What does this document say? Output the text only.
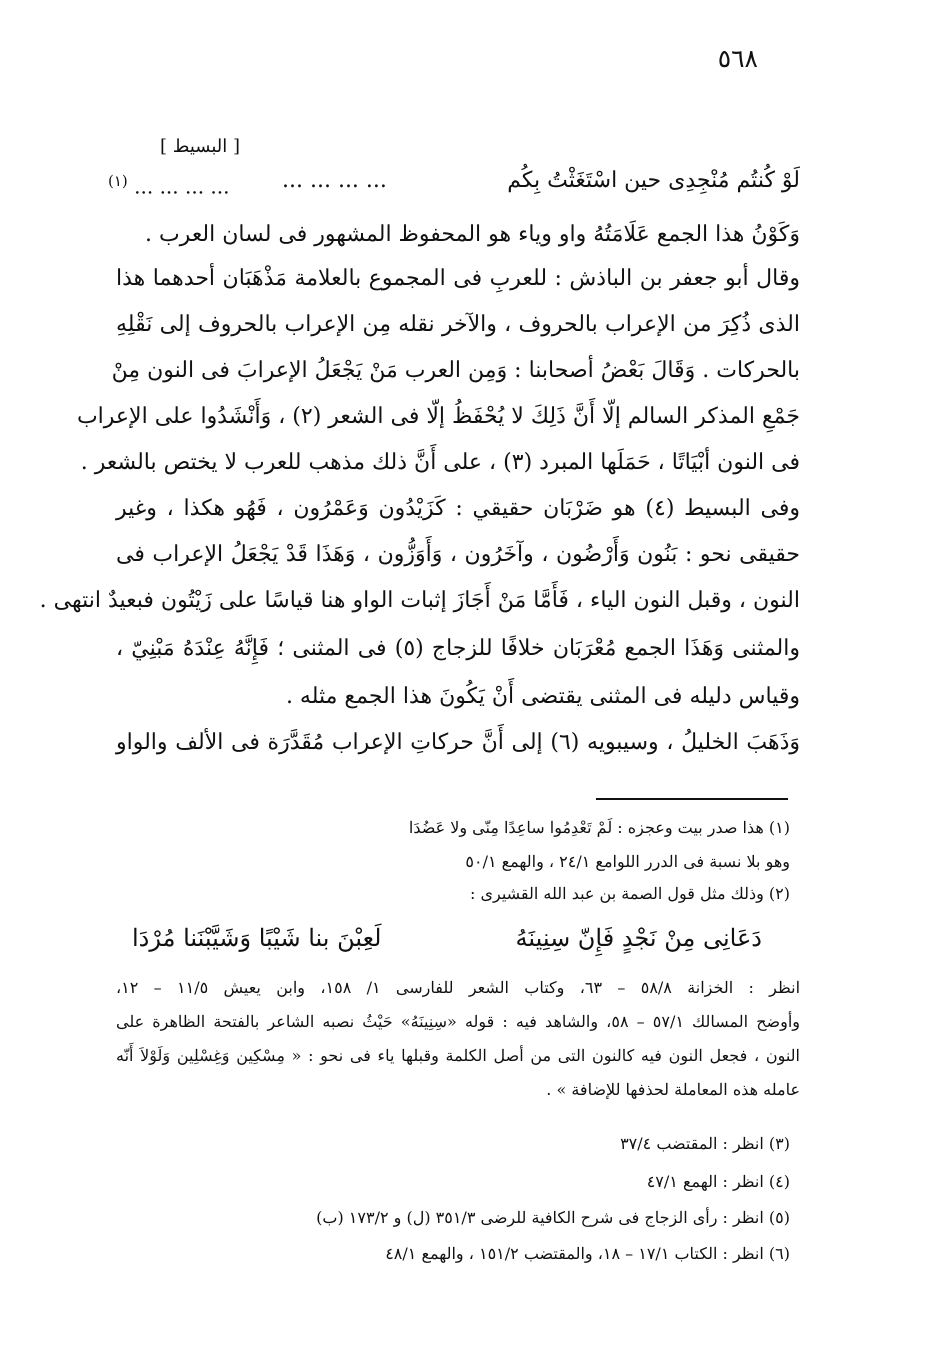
٥٦٨
[ البسيط ]
لَوْ كُنتُم مُنْجِدِى حين اسْتَغَثْتُ بِكُم
... ... ... ...
... ... ... ... $^{(١)}$
وَكَوْنُ هذا الجمع عَلَامَتُهُ واو وياء هو المحفوظ المشهور فى لسان العرب .
وقال أبو جعفر بن الباذش : للعربِ فى المجموع بالعلامة مَذْهَبَان أحدهما هذا
الذى ذُكِرَ من الإعراب بالحروف ، والآخر نقله مِن الإعراب بالحروف إلى نَقْلِهِ
بالحركات . وَقَالَ بَعْضُ أصحابنا : وَمِن العرب مَنْ يَجْعَلُ الإعرابَ فى النون مِنْ
جَمْعِ المذكر السالم إلّا أَنَّ ذَلِكَ لا يُحْفَظُ إلّا فى الشعر (٢) ، وَأَنْشَدُوا على الإعراب
فى النون أبْيَاتًا ، حَمَلَها المبرد (٣) ، على أَنَّ ذلك مذهب للعرب لا يختص بالشعر .
وفى البسيط (٤) هو ضَرْبَان حقيقي : كَزَيْدُون وَعَمْرُون ، فَهُو هكذا ، وغير
حقيقى نحو : بَنُون وَأَرْضُون ، وآخَرُون ، وَأَوَزُّون ، وَهَذَا قَدْ يَجْعَلُ الإعراب فى
النون ، وقبل النون الياء ، فَأَمَّا مَنْ أَجَازَ إثبات الواو هنا قياسًا على زَيْتُون فبعيدٌ انتهى .
والمثنى وَهَذَا الجمع مُعْرَبَان خلافًا للزجاج (٥) فى المثنى ؛ فَإِنَّهُ عِنْدَهُ مَبْنِيّ ،
وقياس دليله فى المثنى يقتضى أَنْ يَكُونَ هذا الجمع مثله .
وَذَهَبَ الخليلُ ، وسيبويه (٦) إلى أَنَّ حركاتِ الإعراب مُقَدَّرَة فى الألف والواو
(١) هذا صدر بيت وعجزه : لَمْ تَعْدِمُوا ساعِدًا مِنّى ولا عَضُدَا
وهو بلا نسبة فى الدرر اللوامع ٢٤/١ ، والهمع ٥٠/١
(٢) وذلك مثل قول الصمة بن عبد الله القشيرى :
دَعَانِى مِنْ نَجْدٍ فَإِنّ سِنِينَهُ
لَعِبْنَ بنا شَيْبًا وَشَيَّبْنَنا مُرْدَا
انظر : الخزانة ٥٨/٨ – ٦٣، وكتاب الشعر للفارسى ١/ ١٥٨، وابن يعيش ١١/٥ – ١٢،
وأوضح المسالك ٥٧/١ – ٥٨، والشاهد فيه : قوله «سِنِينَهُ» حَيْثُ نصبه الشاعر بالفتحة الظاهرة على
النون ، فجعل النون فيه كالنون التى من أصل الكلمة وقبلها ياء فى نحو : « مِسْكِين وَغِسْلِين وَلَوْلاَ أَنّه
عامله هذه المعاملة لحذفها للإضافة » .
(٣) انظر : المقتضب ٣٧/٤
(٤) انظر : الهمع ٤٧/١
(٥) انظر : رأى الزجاج فى شرح الكافية للرضى ٣٥١/٣ (ل) و ١٧٣/٢ (ب)
(٦) انظر : الكتاب ١٧/١ – ١٨، والمقتضب ١٥١/٢ ، والهمع ٤٨/١
